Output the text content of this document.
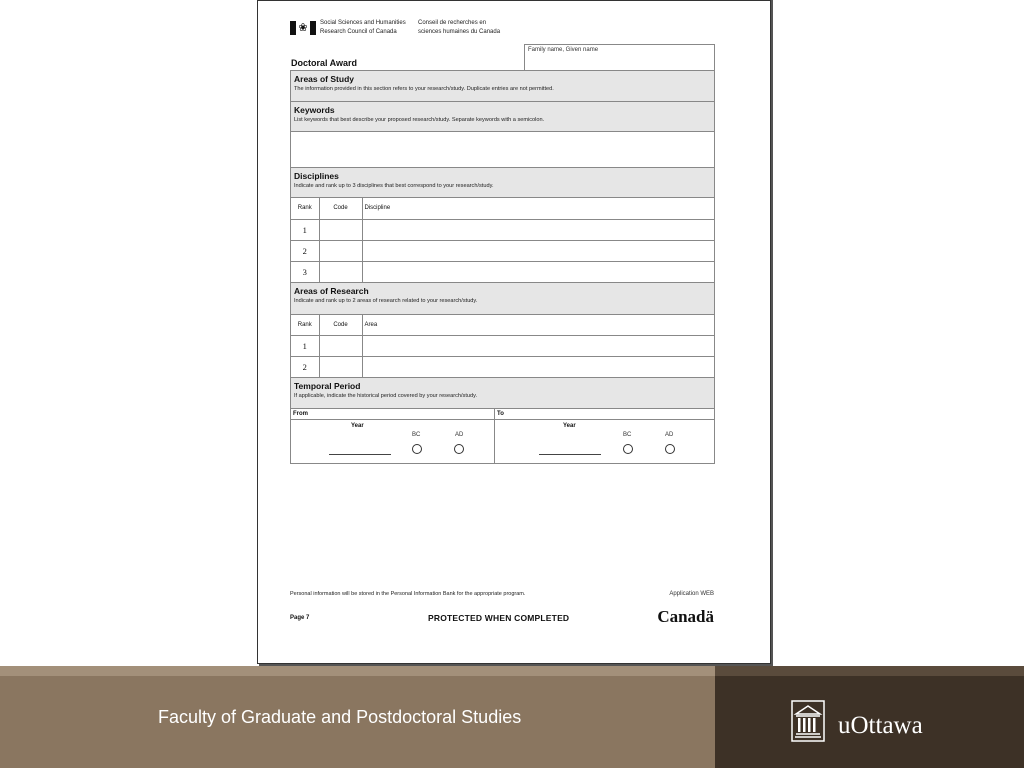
❀ Social Sciences and Humanities
Research Council of Canada
Conseil de recherches en
sciences humaines du Canada
Doctoral Award
Family name, Given name
Areas of Study

The information provided in this section refers to your research/study. Duplicate entries are not permitted.

Keywords

List keywords that best describe your proposed research/study. Separate keywords with a semicolon.

Disciplines

Indicate and rank up to 3 disciplines that best correspond to your research/study.

Rank	Code	Discipline
1		
2		
3		
Areas of Research

Indicate and rank up to 2 areas of research related to your research/study.

Rank	Code	Area
1		
2		
Temporal Period

If applicable, indicate the historical period covered by your research/study.

From	To
Year
BC	AD
Year
BC	AD
Personal information will be stored in the Personal Information Bank for the appropriate program.	Application WEB
Page 7	PROTECTED WHEN COMPLETED	Canadä
Faculty of Graduate and Postdoctoral Studies	uOttawa
